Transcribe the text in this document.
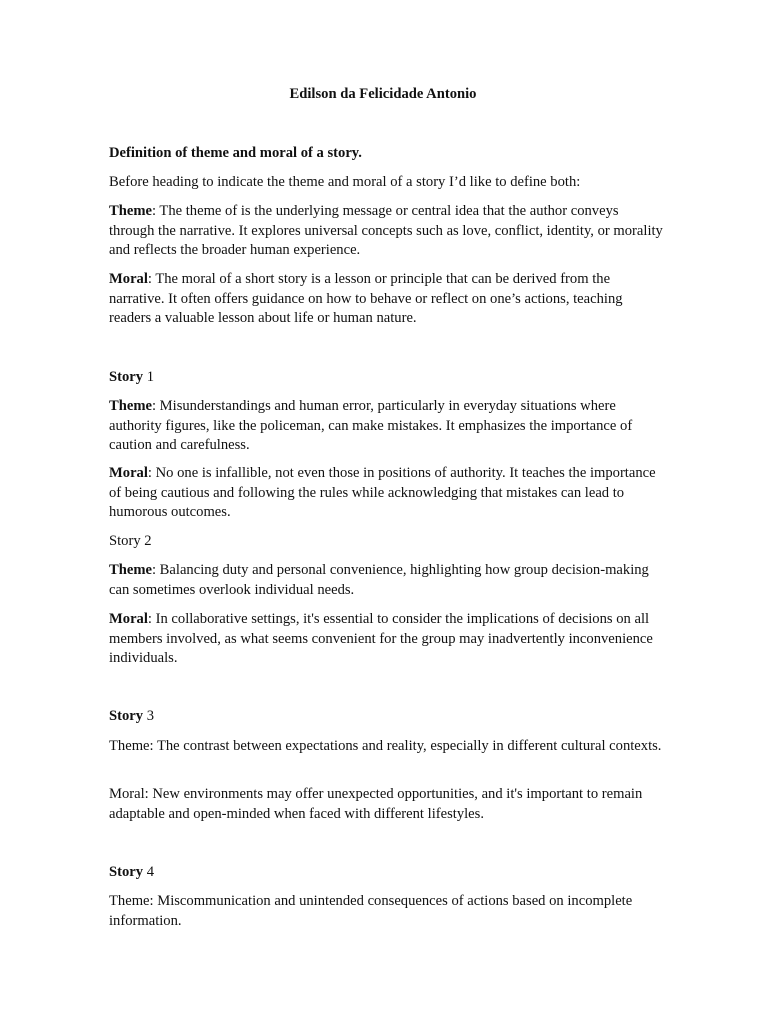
Edilson da Felicidade Antonio

Definition of theme and moral of a story.

Before heading to indicate the theme and moral of a story I’d like to define both:

Theme: The theme of is the underlying message or central idea that the author conveys through the narrative. It explores universal concepts such as love, conflict, identity, or morality and reflects the broader human experience.

Moral: The moral of a short story is a lesson or principle that can be derived from the narrative. It often offers guidance on how to behave or reflect on one’s actions, teaching readers a valuable lesson about life or human nature.

Story 1

Theme: Misunderstandings and human error, particularly in everyday situations where authority figures, like the policeman, can make mistakes. It emphasizes the importance of caution and carefulness.

Moral: No one is infallible, not even those in positions of authority. It teaches the importance of being cautious and following the rules while acknowledging that mistakes can lead to humorous outcomes.

Story 2

Theme: Balancing duty and personal convenience, highlighting how group decision-making can sometimes overlook individual needs.

Moral: In collaborative settings, it's essential to consider the implications of decisions on all members involved, as what seems convenient for the group may inadvertently inconvenience individuals.

Story 3

Theme: The contrast between expectations and reality, especially in different cultural contexts.

Moral: New environments may offer unexpected opportunities, and it's important to remain adaptable and open-minded when faced with different lifestyles.

Story 4

Theme: Miscommunication and unintended consequences of actions based on incomplete information.
